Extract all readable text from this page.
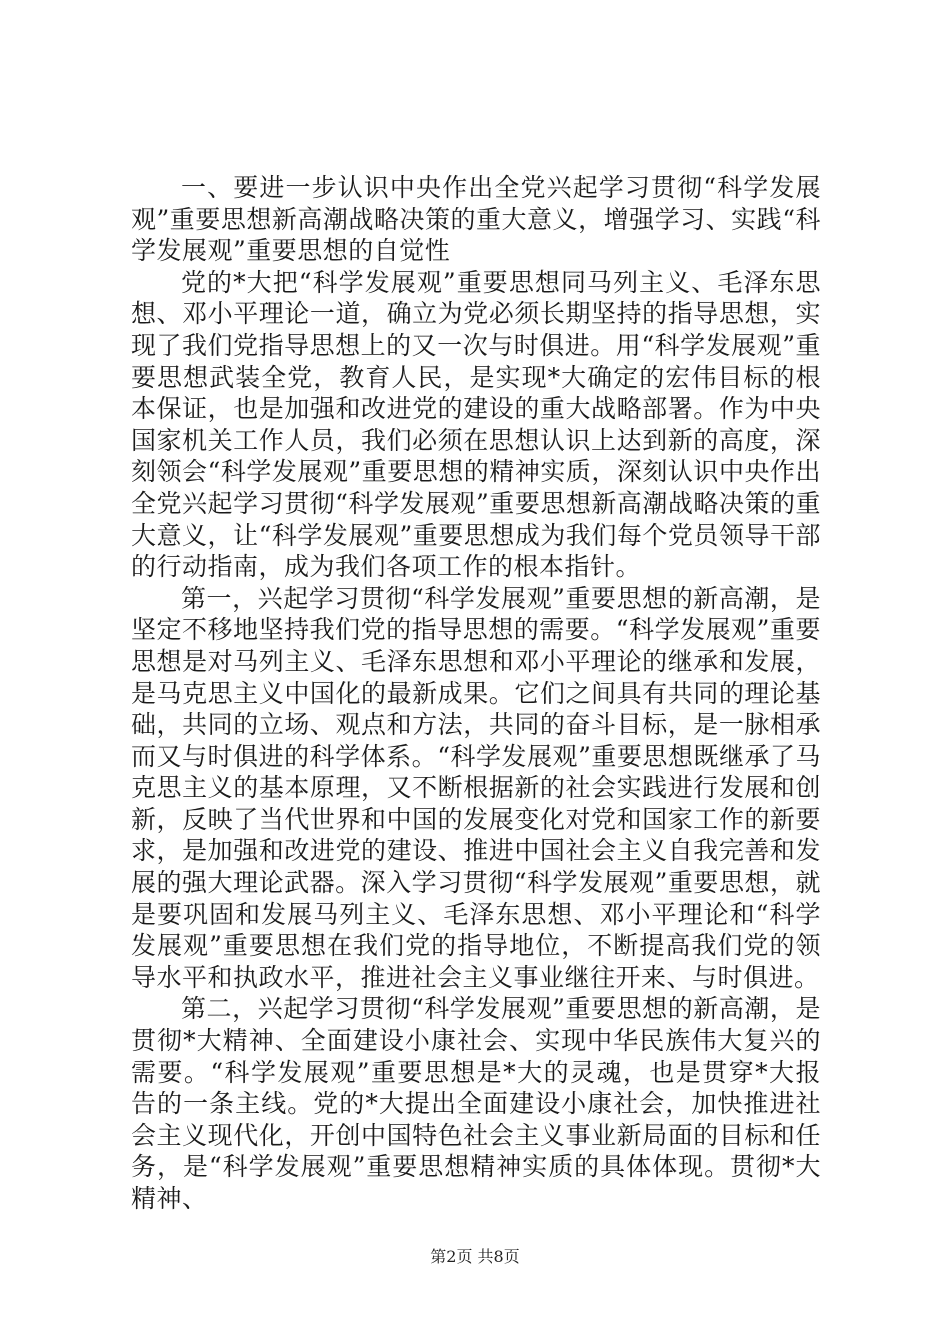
一、要进一步认识中央作出全党兴起学习贯彻“科学发展观”重要思想新高潮战略决策的重大意义，增强学习、实践“科学发展观”重要思想的自觉性

党的*大把“科学发展观”重要思想同马列主义、毛泽东思想、邓小平理论一道，确立为党必须长期坚持的指导思想，实现了我们党指导思想上的又一次与时俱进。用“科学发展观”重要思想武装全党，教育人民，是实现*大确定的宏伟目标的根本保证，也是加强和改进党的建设的重大战略部署。作为中央国家机关工作人员，我们必须在思想认识上达到新的高度，深刻领会“科学发展观”重要思想的精神实质，深刻认识中央作出全党兴起学习贯彻“科学发展观”重要思想新高潮战略决策的重大意义，让“科学发展观”重要思想成为我们每个党员领导干部的行动指南，成为我们各项工作的根本指针。

第一，兴起学习贯彻“科学发展观”重要思想的新高潮，是坚定不移地坚持我们党的指导思想的需要。“科学发展观”重要思想是对马列主义、毛泽东思想和邓小平理论的继承和发展，是马克思主义中国化的最新成果。它们之间具有共同的理论基础，共同的立场、观点和方法，共同的奋斗目标，是一脉相承而又与时俱进的科学体系。“科学发展观”重要思想既继承了马克思主义的基本原理，又不断根据新的社会实践进行发展和创新，反映了当代世界和中国的发展变化对党和国家工作的新要求，是加强和改进党的建设、推进中国社会主义自我完善和发展的强大理论武器。深入学习贯彻“科学发展观”重要思想，就是要巩固和发展马列主义、毛泽东思想、邓小平理论和“科学发展观”重要思想在我们党的指导地位，不断提高我们党的领导水平和执政水平，推进社会主义事业继往开来、与时俱进。

第二，兴起学习贯彻“科学发展观”重要思想的新高潮，是贯彻*大精神、全面建设小康社会、实现中华民族伟大复兴的需要。“科学发展观”重要思想是*大的灵魂，也是贯穿*大报告的一条主线。党的*大提出全面建设小康社会，加快推进社会主义现代化，开创中国特色社会主义事业新局面的目标和任务，是“科学发展观”重要思想精神实质的具体体现。贯彻*大精神、

第2页 共8页
